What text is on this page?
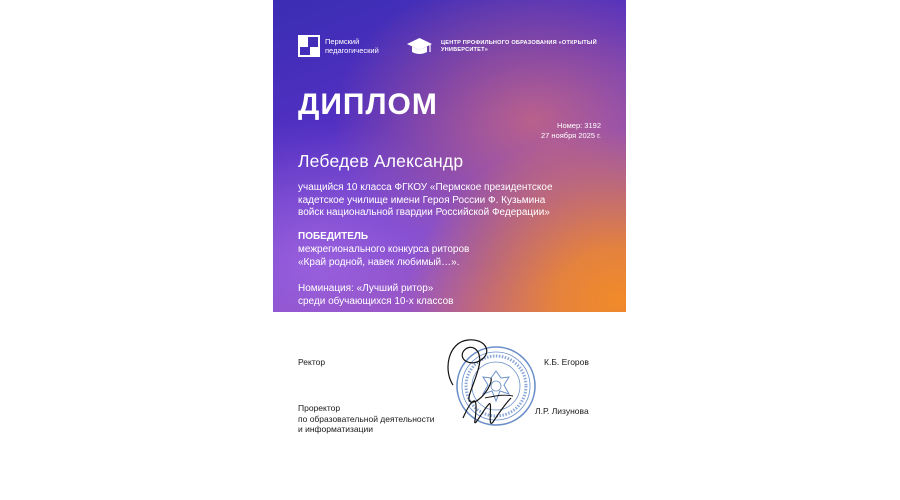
Пермский педагогический
ЦЕНТР ПРОФИЛЬНОГО ОБРАЗОВАНИЯ «ОТКРЫТЫЙ УНИВЕРСИТЕТ»
ДИПЛОМ
Номер: 3192
27 ноября 2025 г.
Лебедев Александр
учащийся 10 класса ФГКОУ «Пермское президентское
кадетское училище имени Героя России Ф. Кузьмина
войск национальной гвардии Российской Федерации»
ПОБЕДИТЕЛЬ
межрегионального конкурса риторов
«Край родной, навек любимый…».
Номинация: «Лучший ритор»
среди обучающихся 10-х классов
Ректор	К.Б. Егоров
Проректор
по образовательной деятельности
и информатизации
Л.Р. Лизунова
